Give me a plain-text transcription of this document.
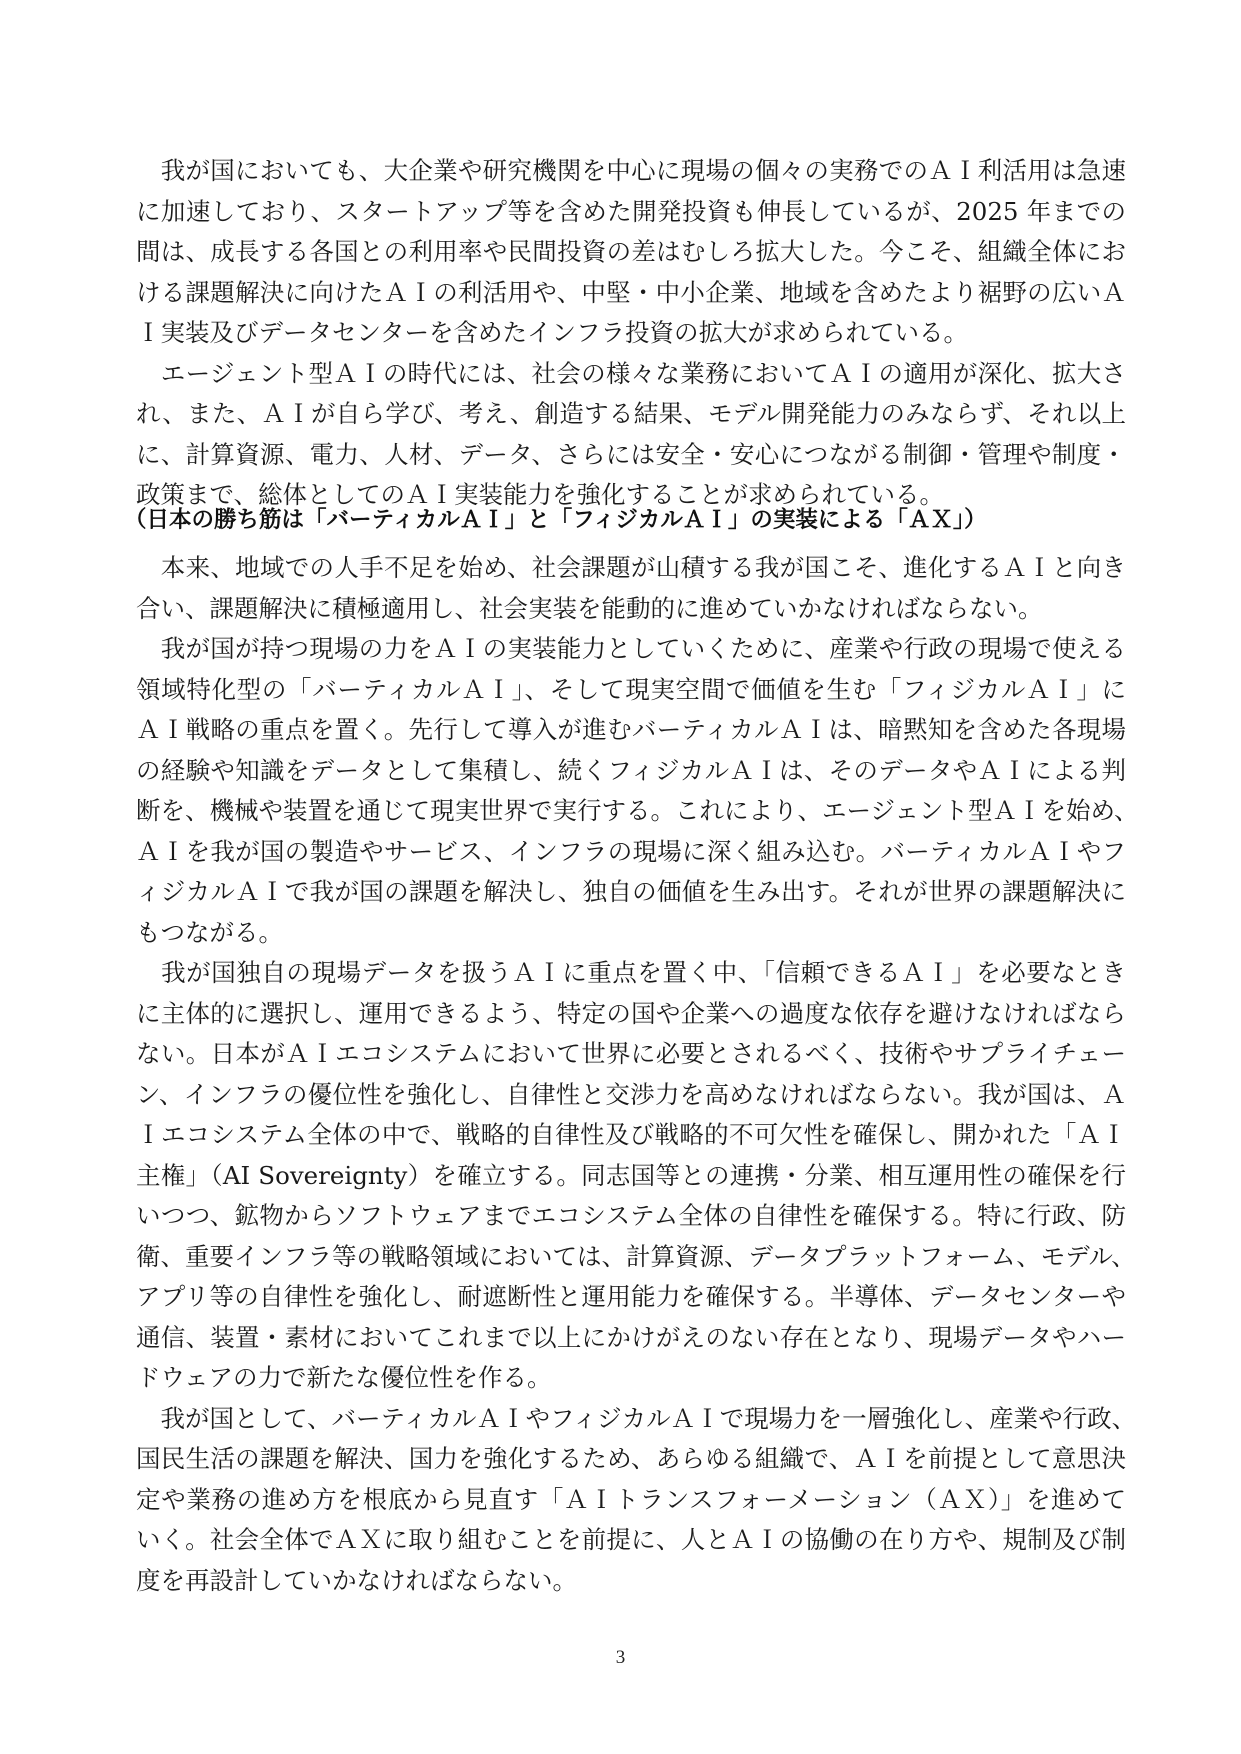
　我が国においても、大企業や研究機関を中心に現場の個々の実務でのＡＩ利活用は急速
に加速しており、スタートアップ等を含めた開発投資も伸長しているが、2025 年までの
間は、成長する各国との利用率や民間投資の差はむしろ拡大した。今こそ、組織全体にお
ける課題解決に向けたＡＩの利活用や、中堅・中小企業、地域を含めたより裾野の広いＡ
Ｉ実装及びデータセンターを含めたインフラ投資の拡大が求められている。
　エージェント型ＡＩの時代には、社会の様々な業務においてＡＩの適用が深化、拡大さ
れ、また、ＡＩが自ら学び、考え、創造する結果、モデル開発能力のみならず、それ以上
に、計算資源、電力、人材、データ、さらには安全・安心につながる制御・管理や制度・
政策まで、総体としてのＡＩ実装能力を強化することが求められている。
（日本の勝ち筋は「バーティカルＡＩ」と「フィジカルＡＩ」の実装による「ＡＸ」）
　本来、地域での人手不足を始め、社会課題が山積する我が国こそ、進化するＡＩと向き
合い、課題解決に積極適用し、社会実装を能動的に進めていかなければならない。
　我が国が持つ現場の力をＡＩの実装能力としていくために、産業や行政の現場で使える
領域特化型の「バーティカルＡＩ」、そして現実空間で価値を生む「フィジカルＡＩ」に
ＡＩ戦略の重点を置く。先行して導入が進むバーティカルＡＩは、暗黙知を含めた各現場
の経験や知識をデータとして集積し、続くフィジカルＡＩは、そのデータやＡＩによる判
断を、機械や装置を通じて現実世界で実行する。これにより、エージェント型ＡＩを始め、
ＡＩを我が国の製造やサービス、インフラの現場に深く組み込む。バーティカルＡＩやフ
ィジカルＡＩで我が国の課題を解決し、独自の価値を生み出す。それが世界の課題解決に
もつながる。
　我が国独自の現場データを扱うＡＩに重点を置く中、「信頼できるＡＩ」を必要なとき
に主体的に選択し、運用できるよう、特定の国や企業への過度な依存を避けなければなら
ない。日本がＡＩエコシステムにおいて世界に必要とされるべく、技術やサプライチェー
ン、インフラの優位性を強化し、自律性と交渉力を高めなければならない。我が国は、Ａ
Ｉエコシステム全体の中で、戦略的自律性及び戦略的不可欠性を確保し、開かれた「ＡＩ
主権」（AI Sovereignty）を確立する。同志国等との連携・分業、相互運用性の確保を行
いつつ、鉱物からソフトウェアまでエコシステム全体の自律性を確保する。特に行政、防
衛、重要インフラ等の戦略領域においては、計算資源、データプラットフォーム、モデル、
アプリ等の自律性を強化し、耐遮断性と運用能力を確保する。半導体、データセンターや
通信、装置・素材においてこれまで以上にかけがえのない存在となり、現場データやハー
ドウェアの力で新たな優位性を作る。
　我が国として、バーティカルＡＩやフィジカルＡＩで現場力を一層強化し、産業や行政、
国民生活の課題を解決、国力を強化するため、あらゆる組織で、ＡＩを前提として意思決
定や業務の進め方を根底から見直す「ＡＩトランスフォーメーション（ＡＸ）」を進めて
いく。社会全体でＡＸに取り組むことを前提に、人とＡＩの協働の在り方や、規制及び制
度を再設計していかなければならない。
3
